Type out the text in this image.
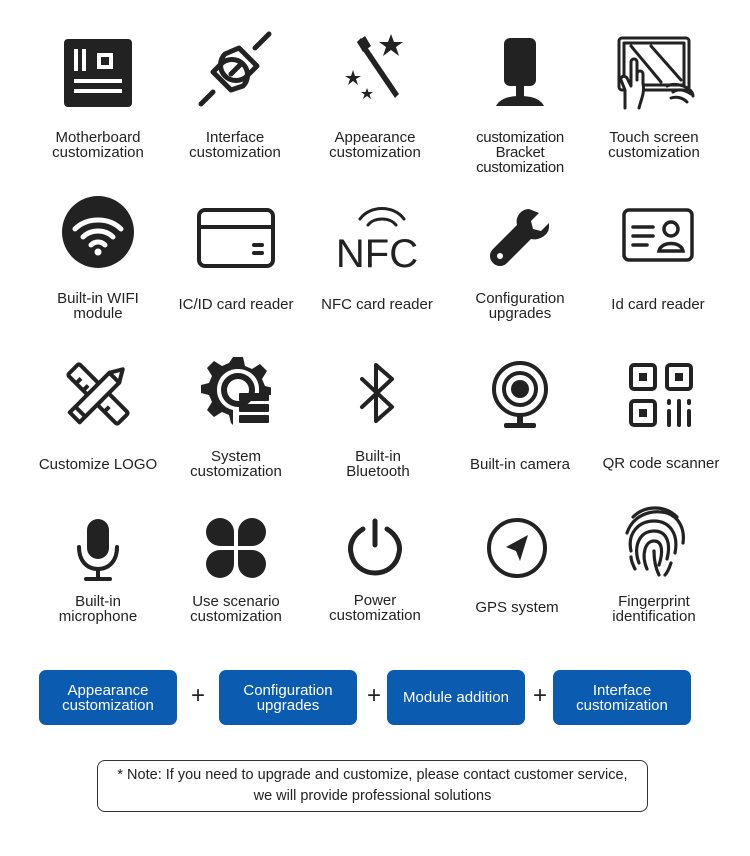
Motherboard
customization
Interface
customization
Appearance
customization
customization
Bracket customization
Touch screen
customization
Built-in WIFI
module
IC/ID card reader
NFC
NFC card reader	Configuration
upgrades
Id card reader
Customize LOGO	System
customization
Built-in
Bluetooth	Built-in camera	QR code scanner
Built-in
microphone
Use scenario
customization
Power
customization	GPS system	Fingerprint
identification
Appearance
customization	+	Configuration
upgrades	+	Module addition	+	Interface
customization
* Note: If you need to upgrade and customize, please contact customer service, we will provide professional solutions
